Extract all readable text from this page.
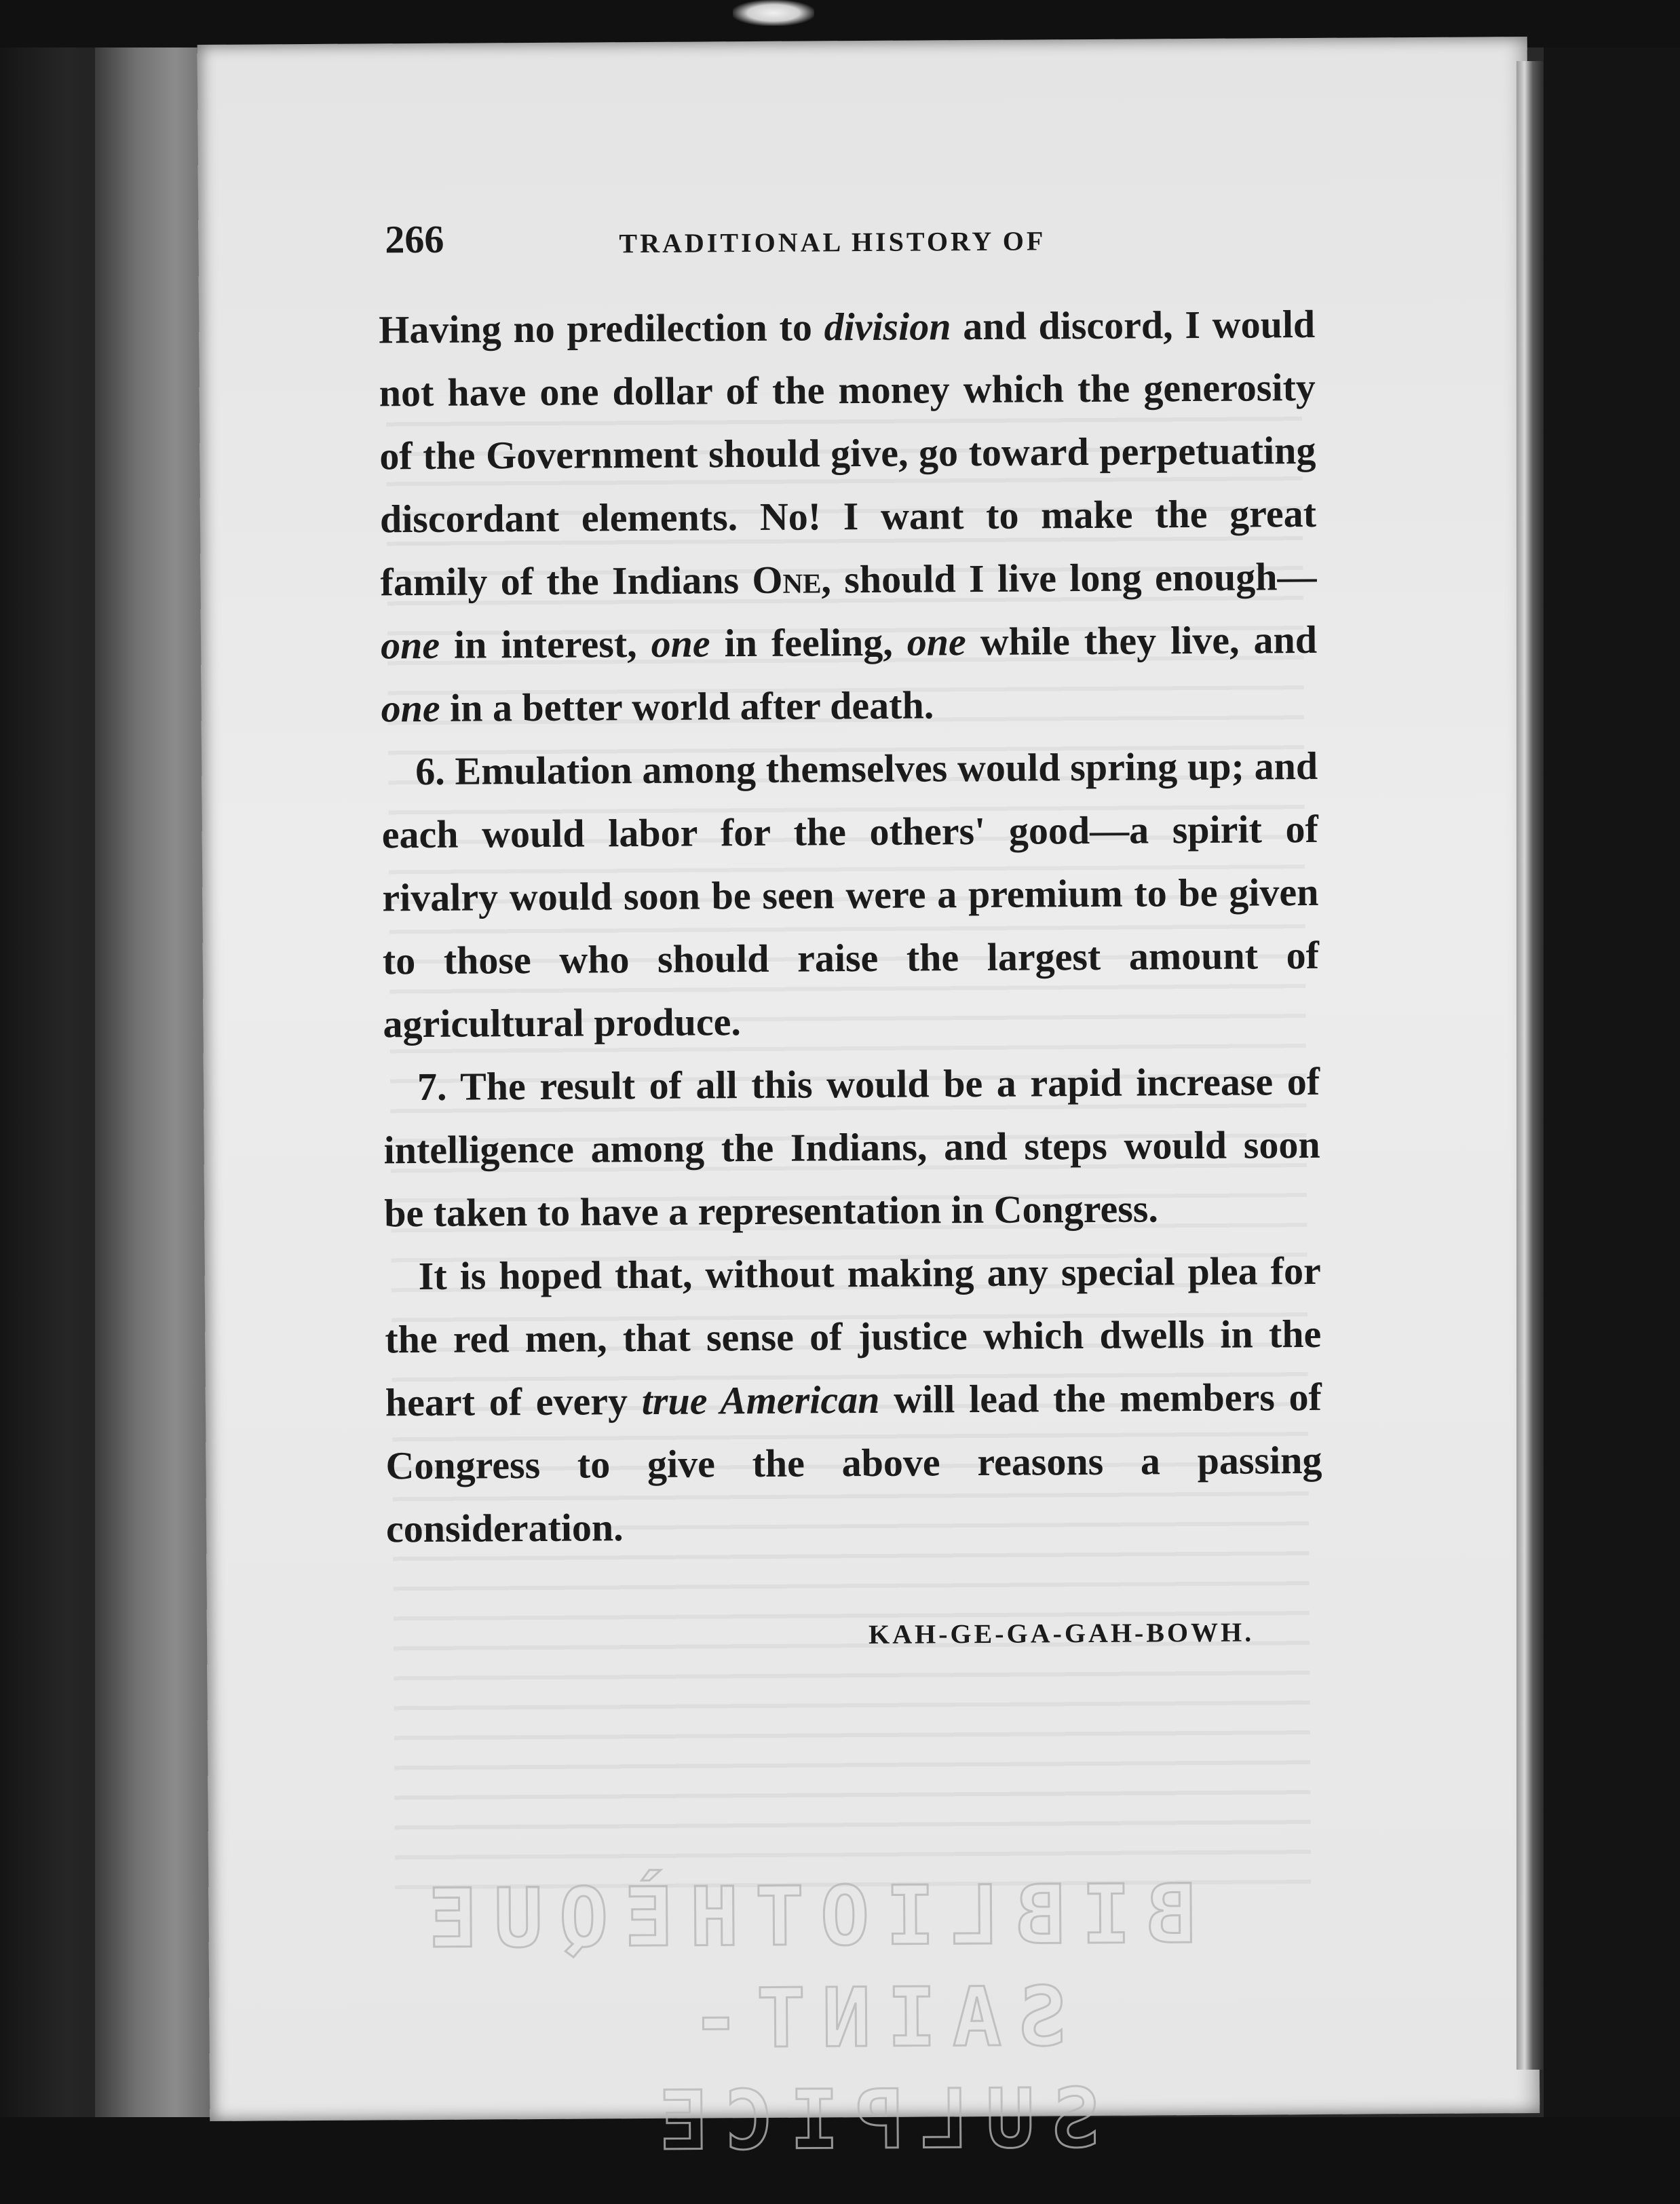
266	TRADITIONAL HISTORY OF

Having no predilection to division and discord, I would not have one dollar of the money which the generosity of the Government should give, go toward perpetuating discordant elements. No! I want to make the great family of the Indians One, should I live long enough—one in interest, one in feeling, one while they live, and one in a better world after death.

6. Emulation among themselves would spring up; and each would labor for the others' good—a spirit of rivalry would soon be seen were a premium to be given to those who should raise the largest amount of agricultural produce.

7. The result of all this would be a rapid increase of intelligence among the Indians, and steps would soon be taken to have a representation in Congress.

It is hoped that, without making any special plea for the red men, that sense of justice which dwells in the heart of every true American will lead the members of Congress to give the above reasons a passing consideration.

KAH-GE-GA-GAH-BOWH.
BIBLIOTHÈQUE
SAINT-SULPICE
